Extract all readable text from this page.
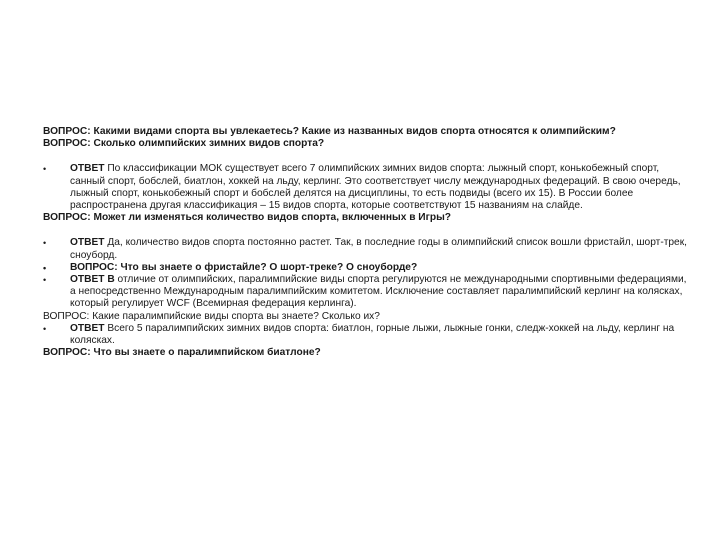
ВОПРОС: Какими видами спорта вы увлекаетесь? Какие из названных видов спорта относятся к олимпийским?

ВОПРОС: Сколько олимпийских зимних видов спорта?

• ОТВЕТ По классификации МОК существует всего 7 олимпийских зимних видов спорта: лыжный спорт, конькобежный спорт, санный спорт, бобслей, биатлон, хоккей на льду, керлинг. Это соответствует числу международных федераций. В свою очередь, лыжный спорт, конькобежный спорт и бобслей делятся на дисциплины, то есть подвиды (всего их 15). В России более распространена другая классификация – 15 видов спорта, которые соответствуют 15 названиям на слайде.

ВОПРОС: Может ли изменяться количество видов спорта, включенных в Игры?

• ОТВЕТ Да, количество видов спорта постоянно растет. Так, в последние годы в олимпийский список вошли фристайл, шорт-трек, сноуборд.

• ВОПРОС: Что вы знаете о фристайле? О шорт-треке? О сноуборде?

• ОТВЕТ В отличие от олимпийских, паралимпийские виды спорта регулируются не международными спортивными федерациями, а непосредственно Международным паралимпийским комитетом. Исключение составляет паралимпийский керлинг на колясках, который регулирует WCF (Всемирная федерация керлинга).

ВОПРОС: Какие паралимпийские виды спорта вы знаете? Сколько их?

• ОТВЕТ Всего 5 паралимпийских зимних видов спорта: биатлон, горные лыжи, лыжные гонки, следж-хоккей на льду, керлинг на колясках.

ВОПРОС: Что вы знаете о паралимпийском биатлоне?
